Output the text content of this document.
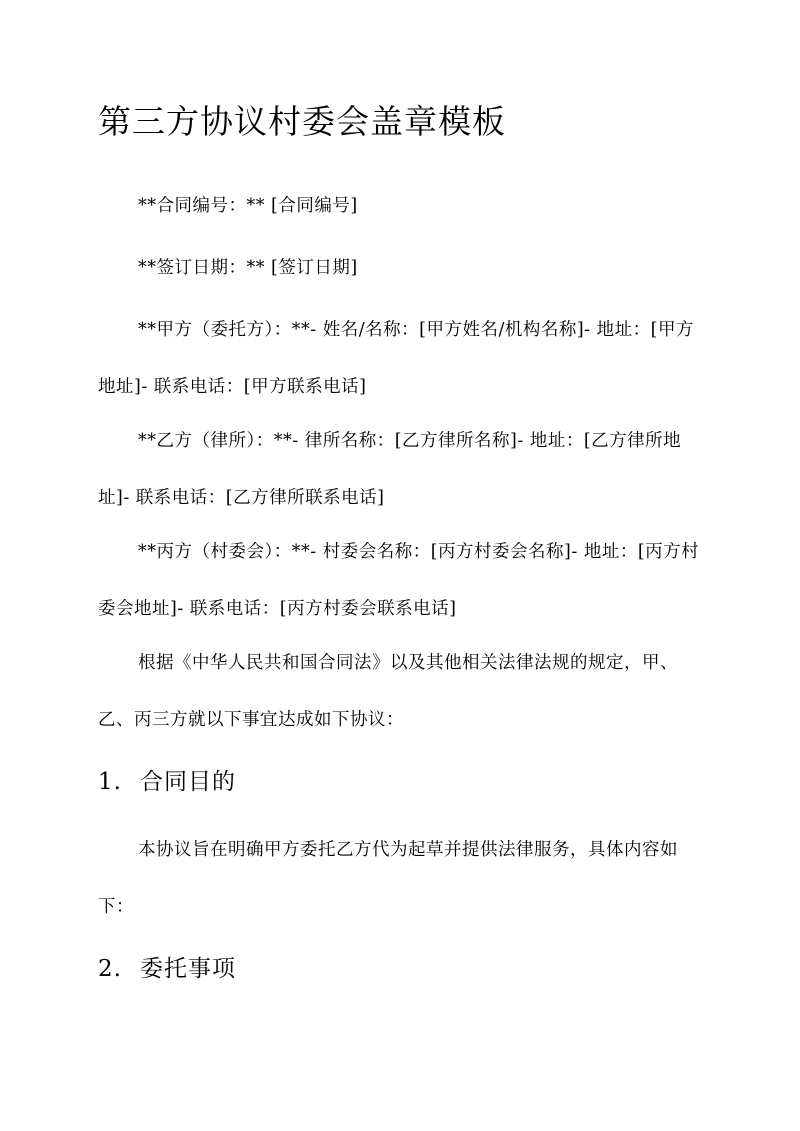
第三方协议村委会盖章模板

**合同编号：** [合同编号]

**签订日期：** [签订日期]

**甲方（委托方）：**- 姓名/名称：[甲方姓名/机构名称]- 地址：[甲方地址]- 联系电话：[甲方联系电话]

**乙方（律所）：**- 律所名称：[乙方律所名称]- 地址：[乙方律所地址]- 联系电话：[乙方律所联系电话]

**丙方（村委会）：**- 村委会名称：[丙方村委会名称]- 地址：[丙方村委会地址]- 联系电话：[丙方村委会联系电话]

根据《中华人民共和国合同法》以及其他相关法律法规的规定，甲、乙、丙三方就以下事宜达成如下协议：

1. 合同目的

本协议旨在明确甲方委托乙方代为起草并提供法律服务，具体内容如下：

2. 委托事项
